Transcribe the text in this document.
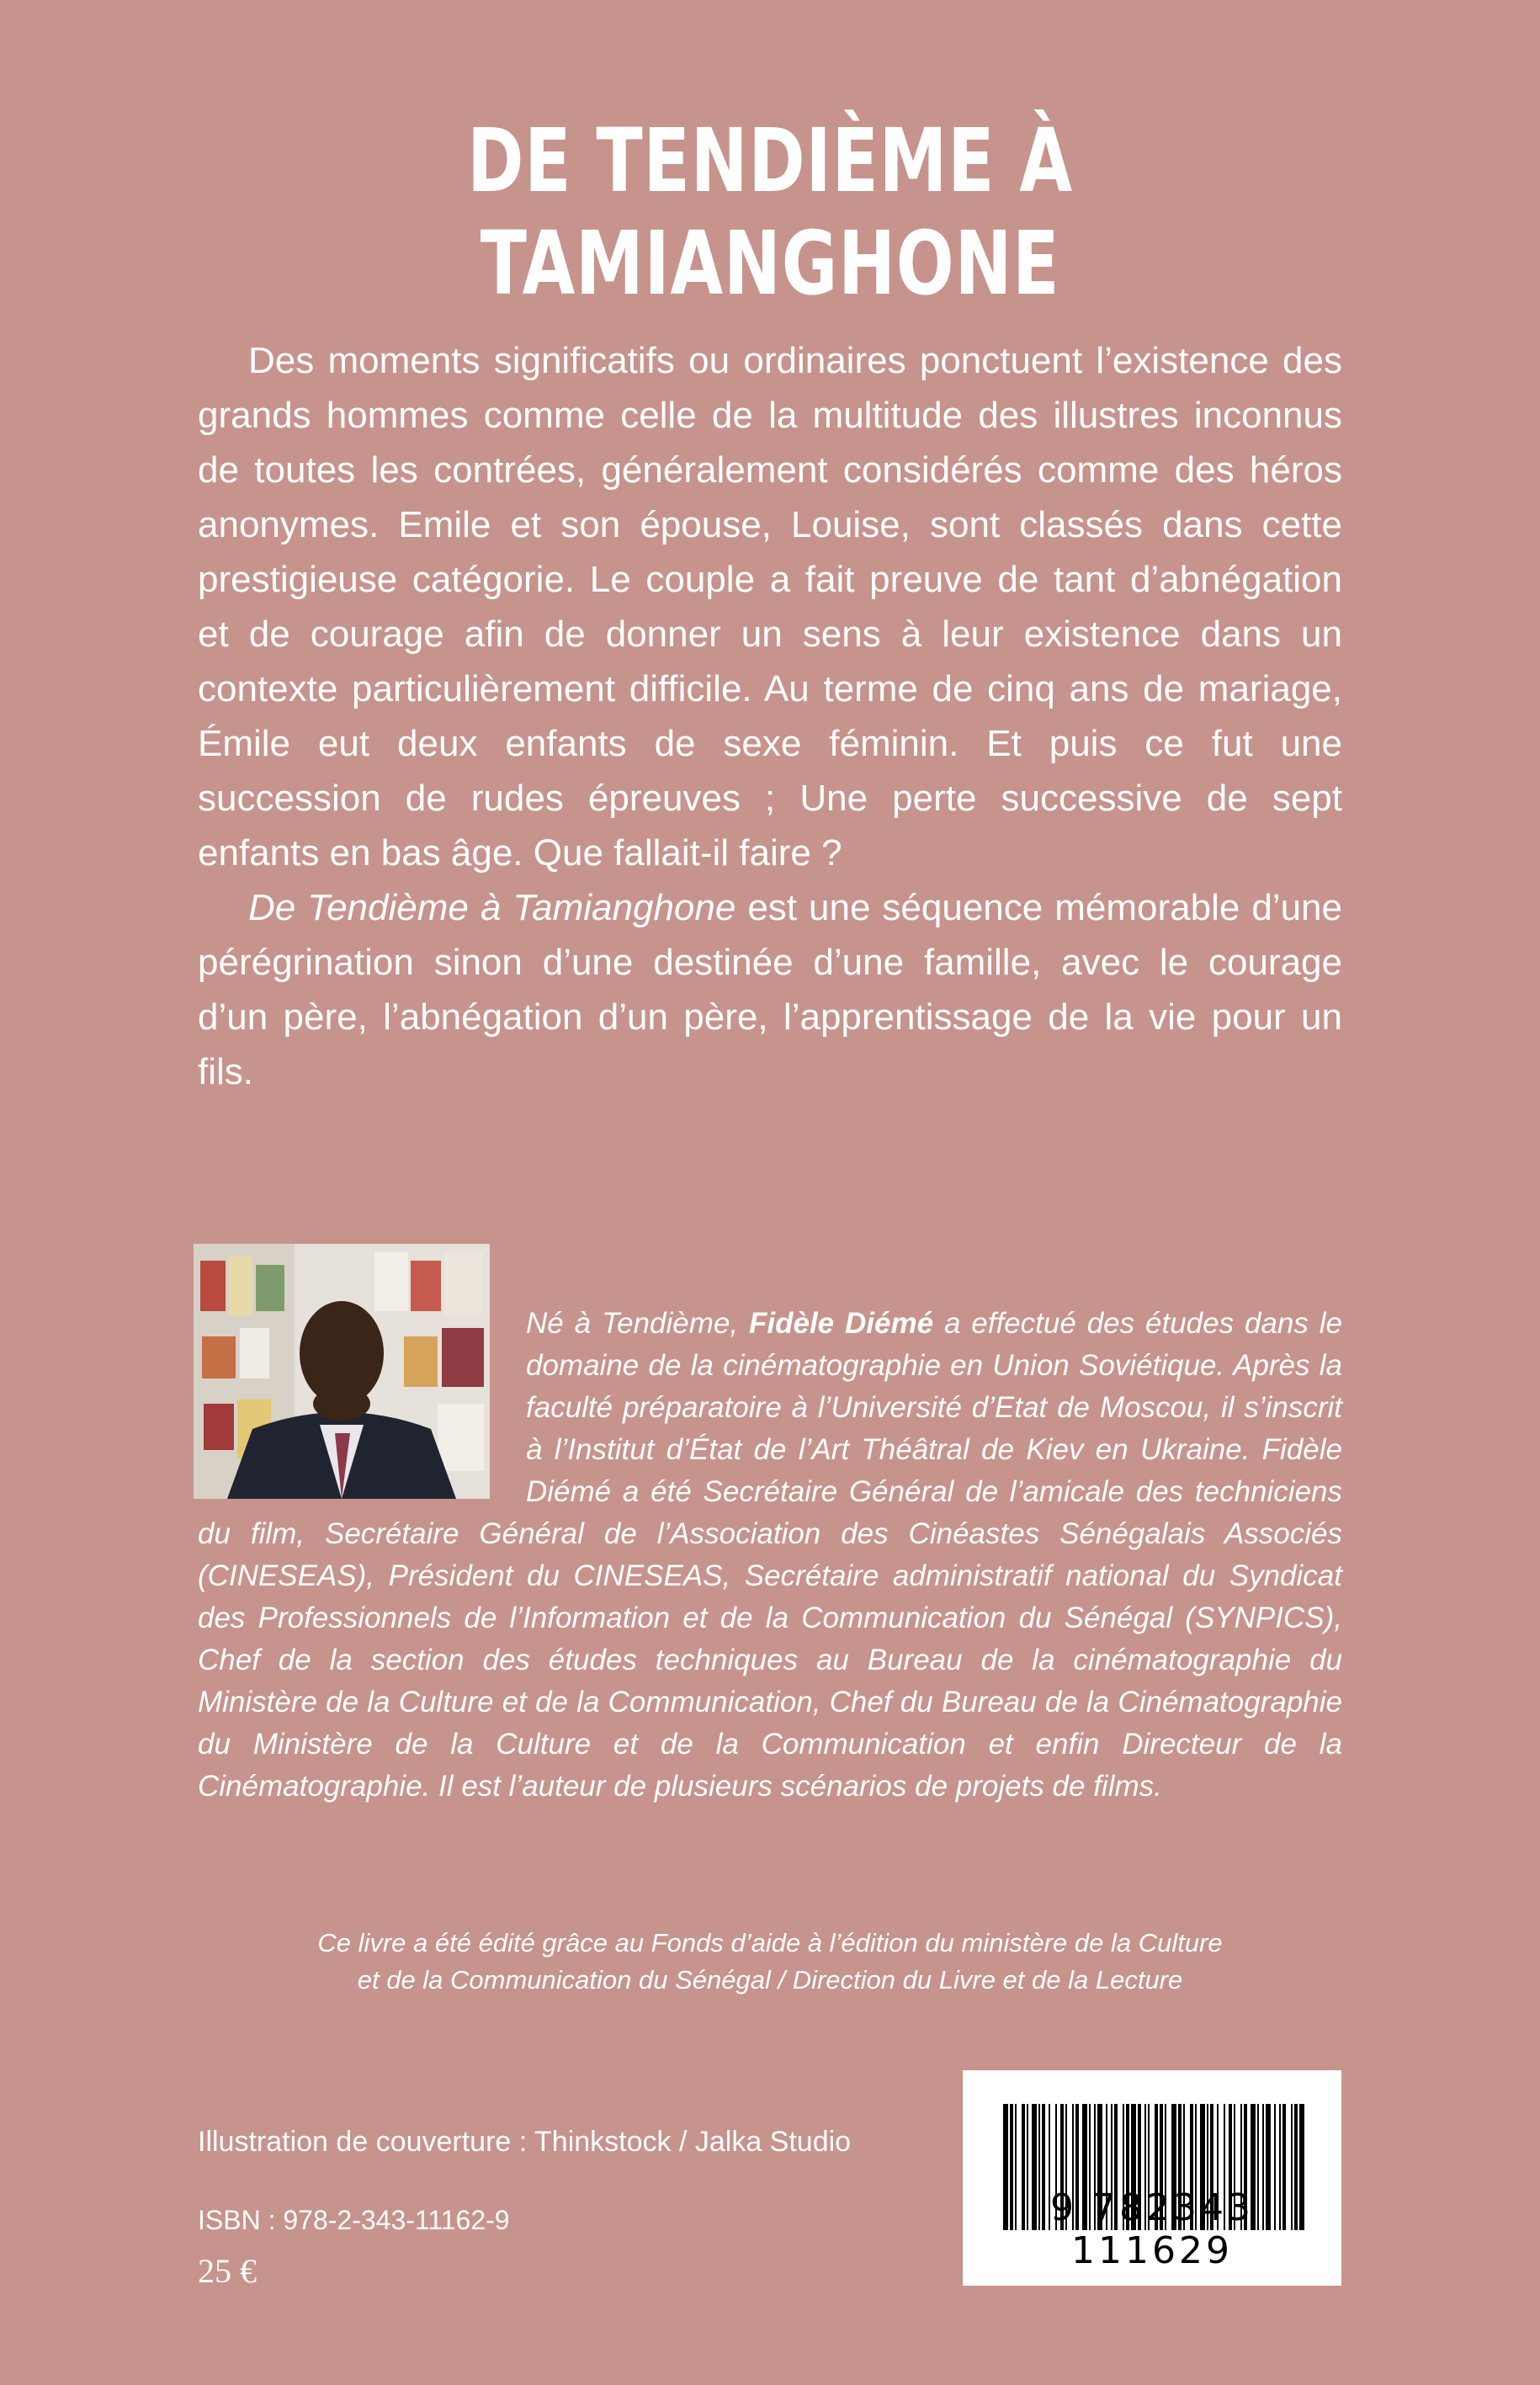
DE TENDIÈME À TAMIANGHONE

Des moments significatifs ou ordinaires ponctuent l’existence des grands hommes comme celle de la multitude des illustres inconnus de toutes les contrées, généralement considérés comme des héros anonymes. Emile et son épouse, Louise, sont classés dans cette prestigieuse catégorie. Le couple a fait preuve de tant d’abnégation et de courage afin de donner un sens à leur existence dans un contexte particulièrement difficile. Au terme de cinq ans de mariage, Émile eut deux enfants de sexe féminin. Et puis ce fut une succession de rudes épreuves ; Une perte successive de sept enfants en bas âge. Que fallait-il faire ?

De Tendième à Tamianghone est une séquence mémorable d’une pérégrination sinon d’une destinée d’une famille, avec le courage d’un père, l’abnégation d’un père, l’apprentissage de la vie pour un fils.

Né à Tendième, Fidèle Diémé a effectué des études dans le domaine de la cinématographie en Union Soviétique. Après la faculté préparatoire à l’Université d’Etat de Moscou, il s’inscrit à l’Institut d’État de l’Art Théâtral de Kiev en Ukraine. Fidèle Diémé a été Secrétaire Général de l’amicale des techniciens du film, Secrétaire Général de l’Association des Cinéastes Sénégalais Associés (CINESEAS), Président du CINESEAS, Secrétaire administratif national du Syndicat des Professionnels de l’Information et de la Communication du Sénégal (SYNPICS), Chef de la section des études techniques au Bureau de la cinématographie du Ministère de la Culture et de la Communication, Chef du Bureau de la Cinématographie du Ministère de la Culture et de la Communication et enfin Directeur de la Cinématographie. Il est l’auteur de plusieurs scénarios de projets de films.
Ce livre a été édité grâce au Fonds d’aide à l’édition du ministère de la Culture
et de la Communication du Sénégal / Direction du Livre et de la Lecture
Illustration de couverture : Thinkstock / Jalka Studio
ISBN : 978-2-343-11162-9
25 €
9 782343 111629
